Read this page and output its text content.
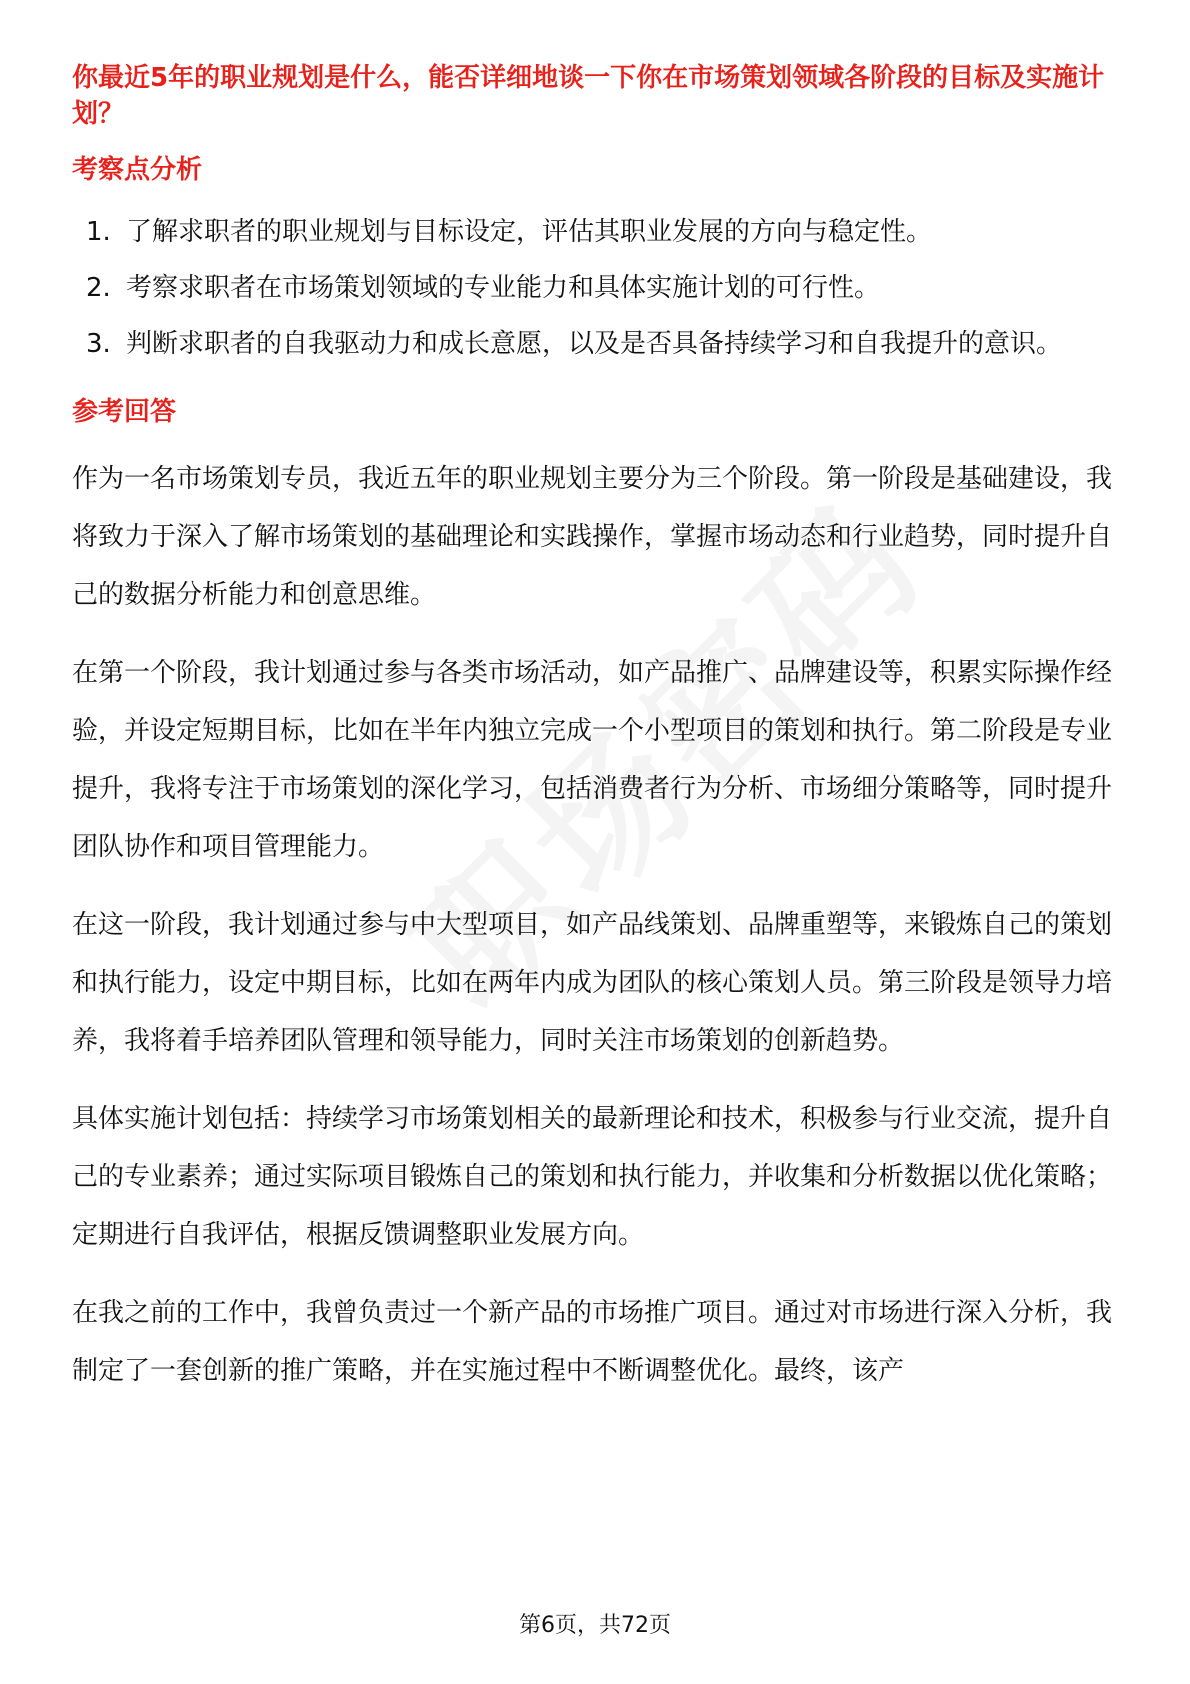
你最近5年的职业规划是什么，能否详细地谈一下你在市场策划领域各阶段的目标及实施计划？

考察点分析
1. 了解求职者的职业规划与目标设定，评估其职业发展的方向与稳定性。
2. 考察求职者在市场策划领域的专业能力和具体实施计划的可行性。
3. 判断求职者的自我驱动力和成长意愿，以及是否具备持续学习和自我提升的意识。
参考回答

作为一名市场策划专员，我近五年的职业规划主要分为三个阶段。第一阶段是基础建设，我将致力于深入了解市场策划的基础理论和实践操作，掌握市场动态和行业趋势，同时提升自己的数据分析能力和创意思维。

在第一个阶段，我计划通过参与各类市场活动，如产品推广、品牌建设等，积累实际操作经验，并设定短期目标，比如在半年内独立完成一个小型项目的策划和执行。第二阶段是专业提升，我将专注于市场策划的深化学习，包括消费者行为分析、市场细分策略等，同时提升团队协作和项目管理能力。

在这一阶段，我计划通过参与中大型项目，如产品线策划、品牌重塑等，来锻炼自己的策划和执行能力，设定中期目标，比如在两年内成为团队的核心策划人员。第三阶段是领导力培养，我将着手培养团队管理和领导能力，同时关注市场策划的创新趋势。

具体实施计划包括：持续学习市场策划相关的最新理论和技术，积极参与行业交流，提升自己的专业素养；通过实际项目锻炼自己的策划和执行能力，并收集和分析数据以优化策略；定期进行自我评估，根据反馈调整职业发展方向。

在我之前的工作中，我曾负责过一个新产品的市场推广项目。通过对市场进行深入分析，我制定了一套创新的推广策略，并在实施过程中不断调整优化。最终，该产

第6页，共72页
